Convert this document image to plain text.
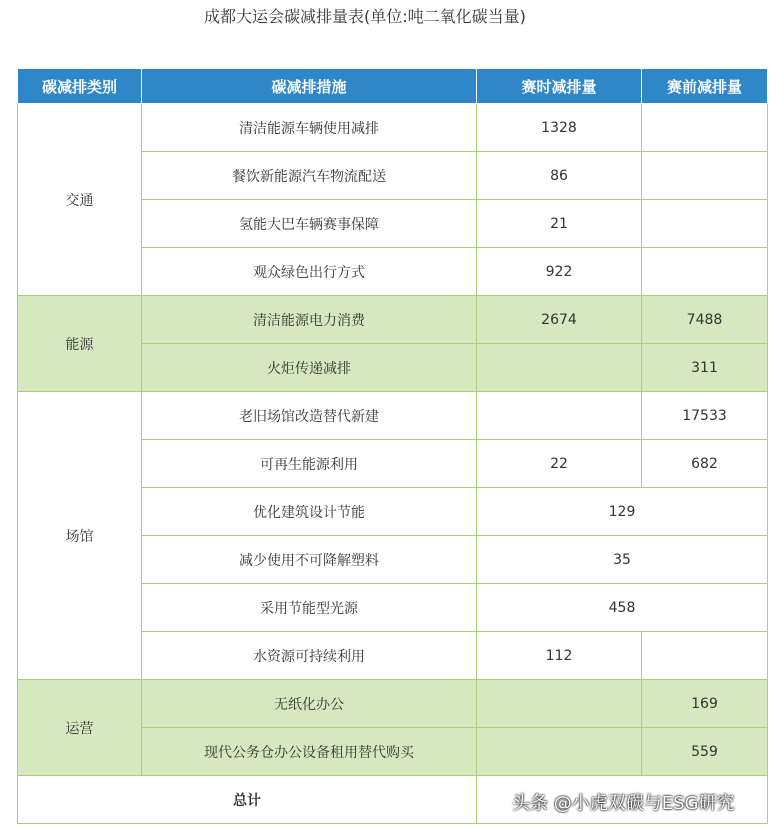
成都大运会碳减排量表(单位:吨二氧化碳当量)
碳减排类别	碳减排措施	赛时减排量	赛前减排量
交通	清洁能源车辆使用减排	1328	
	餐饮新能源汽车物流配送	86	
	氢能大巴车辆赛事保障	21	
	观众绿色出行方式	922	
能源	清洁能源电力消费	2674	7488
	火炬传递减排		311
场馆	老旧场馆改造替代新建		17533
	可再生能源利用	22	682
	优化建筑设计节能	129	
	减少使用不可降解塑料	35	
	采用节能型光源	458	
	水资源可持续利用	112	
运营	无纸化办公		169
	现代公务仓办公设备租用替代购买		559
总计				头条 @小虎双碳与ESG研究
